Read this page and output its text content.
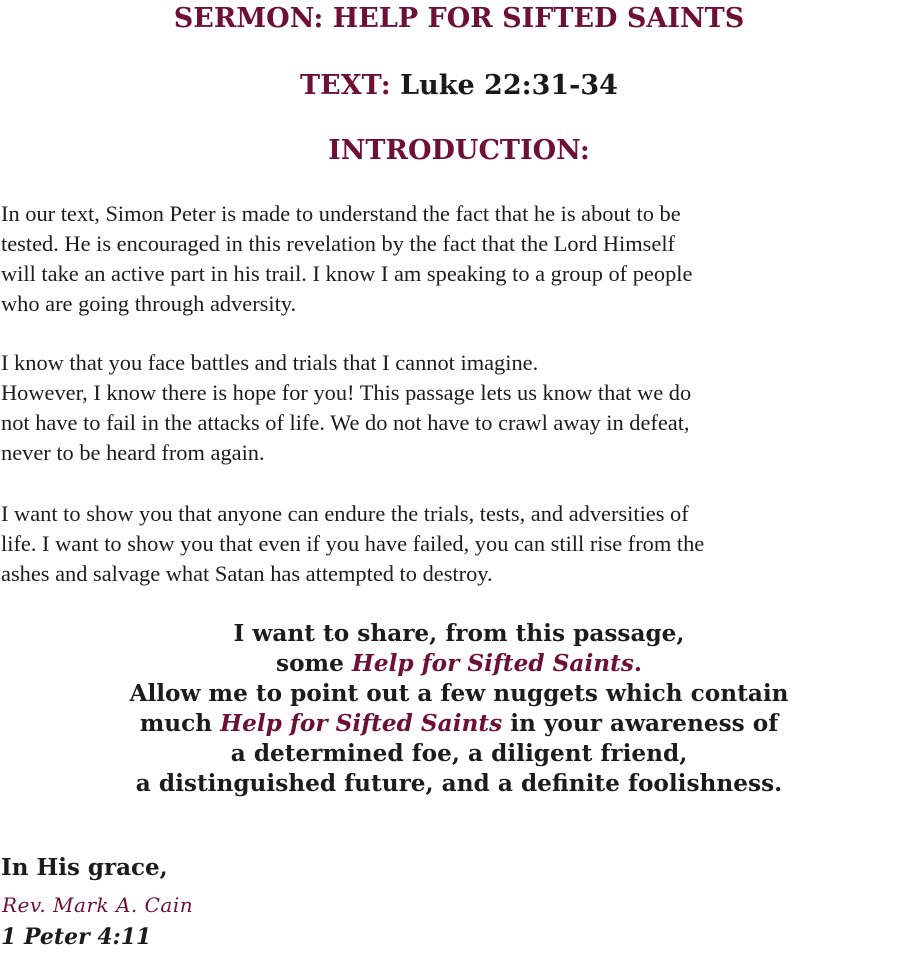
SERMON: HELP FOR SIFTED SAINTS
TEXT: Luke 22:31-34
INTRODUCTION:

In our text, Simon Peter is made to understand the fact that he is about to be
tested. He is encouraged in this revelation by the fact that the Lord Himself
will take an active part in his trail. I know I am speaking to a group of people
who are going through adversity.

I know that you face battles and trials that I cannot imagine.
However, I know there is hope for you! This passage lets us know that we do
not have to fail in the attacks of life. We do not have to crawl away in defeat,
never to be heard from again.

I want to show you that anyone can endure the trials, tests, and adversities of
life. I want to show you that even if you have failed, you can still rise from the
ashes and salvage what Satan has attempted to destroy.

I want to share, from this passage,
some Help for Sifted Saints.
Allow me to point out a few nuggets which contain
much Help for Sifted Saints in your awareness of
a determined foe, a diligent friend,
a distinguished future, and a definite foolishness.
In His grace,
Rev. Mark A. Cain
1 Peter 4:11
